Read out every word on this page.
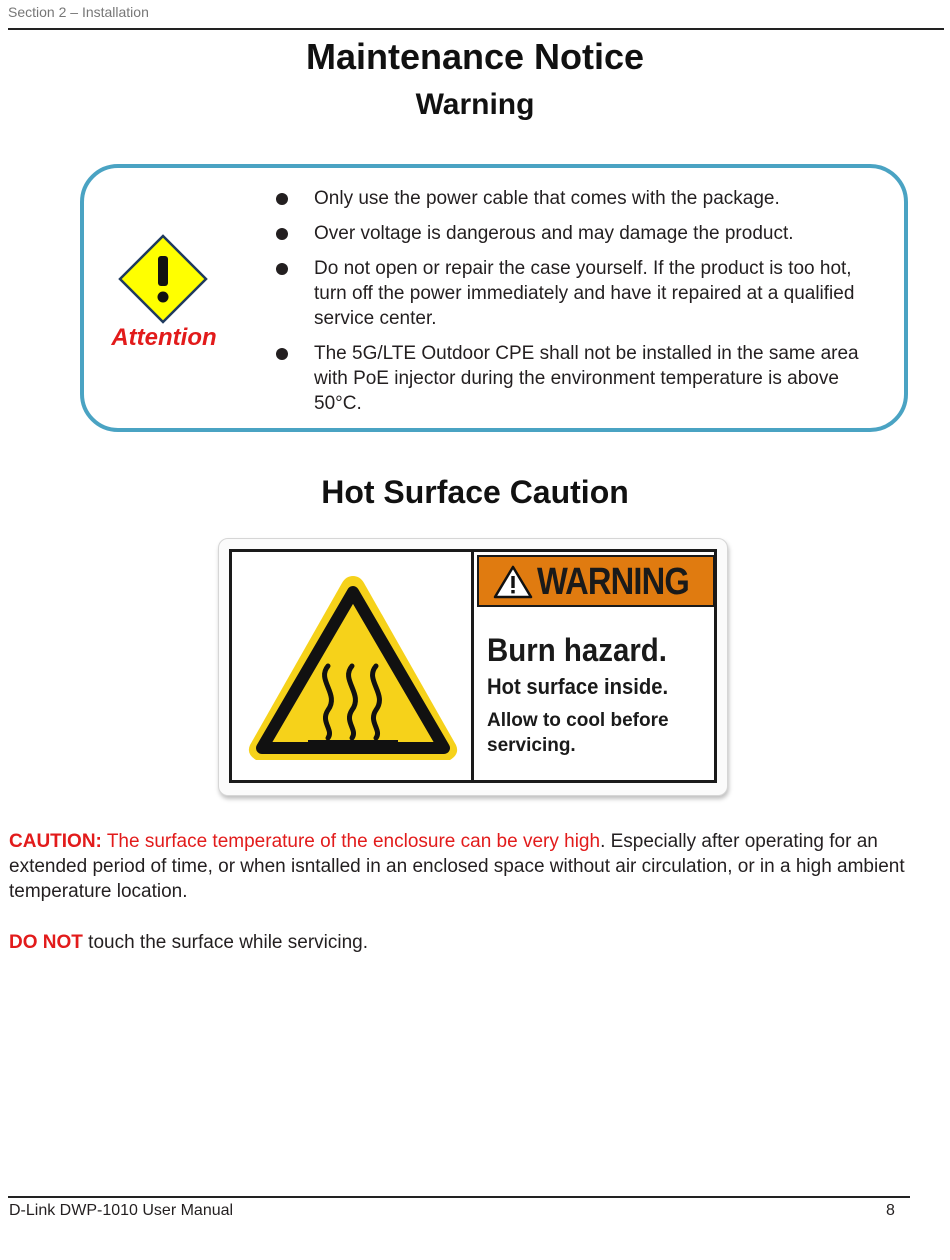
Section 2 – Installation
Maintenance Notice
Warning
Attention
Only use the power cable that comes with the package.
Over voltage is dangerous and may damage the product.
Do not open or repair the case yourself. If the product is too hot, turn off the power immediately and have it repaired at a qualified service center.
The 5G/LTE Outdoor CPE shall not be installed in the same area with PoE injector during the environment temperature is above 50°C.
Hot Surface Caution
WARNING
Burn hazard.
Hot surface inside.
Allow to cool before servicing.

CAUTION: The surface temperature of the enclosure can be very high. Especially after operating for an extended period of time, or when isntalled in an enclosed space without air circulation, or in a high ambient temperature location.

DO NOT touch the surface while servicing.

D-Link DWP-1010 User Manual	8
